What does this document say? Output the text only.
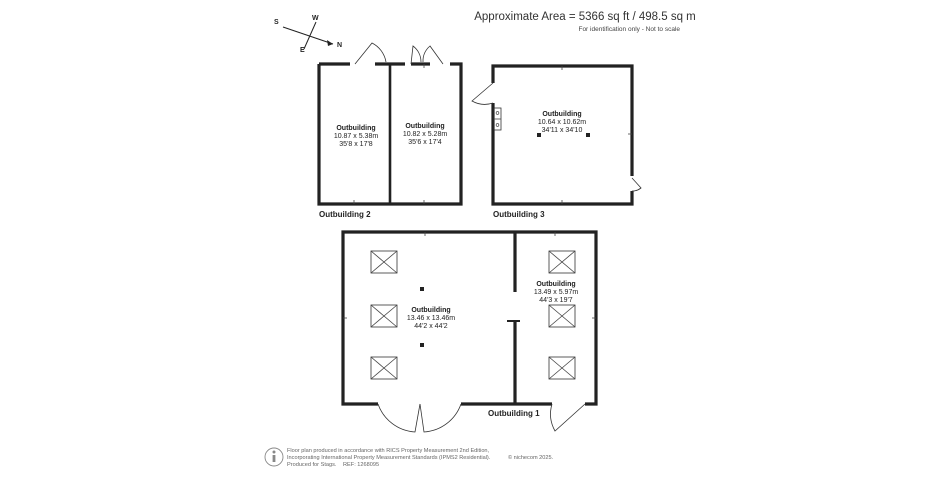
Approximate Area = 5366 sq ft / 498.5 sq m
For identification only - Not to scale
N
E
S
W
Outbuilding
10.87 x 5.38m
35'8 x 17'8
Outbuilding
10.82 x 5.28m
35'6 x 17'4
Outbuilding 2
Outbuilding
10.64 x 10.62m
34'11 x 34'10
Outbuilding 3
Outbuilding
13.46 x 13.46m
44'2 x 44'2
Outbuilding
13.49 x 5.97m
44'3 x 19'7
Outbuilding 1
Floor plan produced in accordance with RICS Property Measurement 2nd Edition,
Incorporating International Property Measurement Standards (IPMS2 Residential).
Produced for Stags. REF: 1268095
© nichecom 2025.
